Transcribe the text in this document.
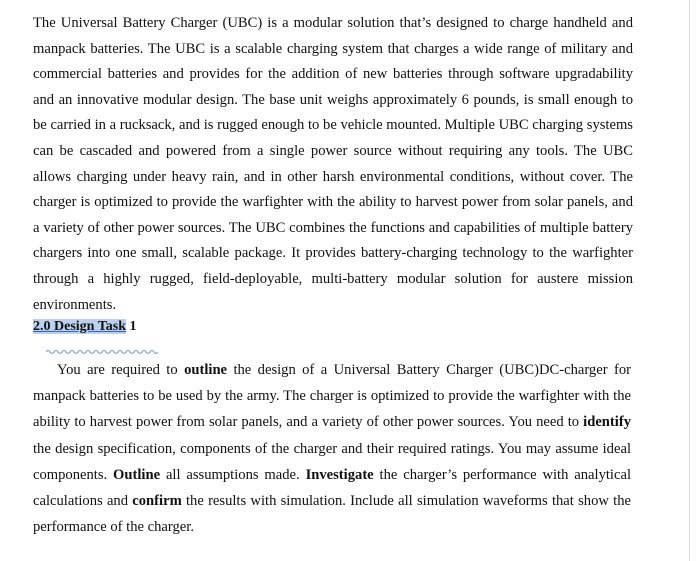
The Universal Battery Charger (UBC) is a modular solution that’s designed to charge handheld and manpack batteries. The UBC is a scalable charging system that charges a wide range of military and commercial batteries and provides for the addition of new batteries through software upgradability and an innovative modular design. The base unit weighs approximately 6 pounds, is small enough to be carried in a rucksack, and is rugged enough to be vehicle mounted. Multiple UBC charging systems can be cascaded and powered from a single power source without requiring any tools. The UBC allows charging under heavy rain, and in other harsh environmental conditions, without cover. The charger is optimized to provide the warfighter with the ability to harvest power from solar panels, and a variety of other power sources. The UBC combines the functions and capabilities of multiple battery chargers into one small, scalable package. It provides battery-charging technology to the warfighter through a highly rugged, field-deployable, multi-battery modular solution for austere mission environments.

2.0 Design Task 1

You are required to outline the design of a Universal Battery Charger (UBC)DC-charger for manpack batteries to be used by the army. The charger is optimized to provide the warfighter with the ability to harvest power from solar panels, and a variety of other power sources. You need to identify the design specification, components of the charger and their required ratings. You may assume ideal components. Outline all assumptions made. Investigate the charger’s performance with analytical calculations and confirm the results with simulation. Include all simulation waveforms that show the performance of the charger.
